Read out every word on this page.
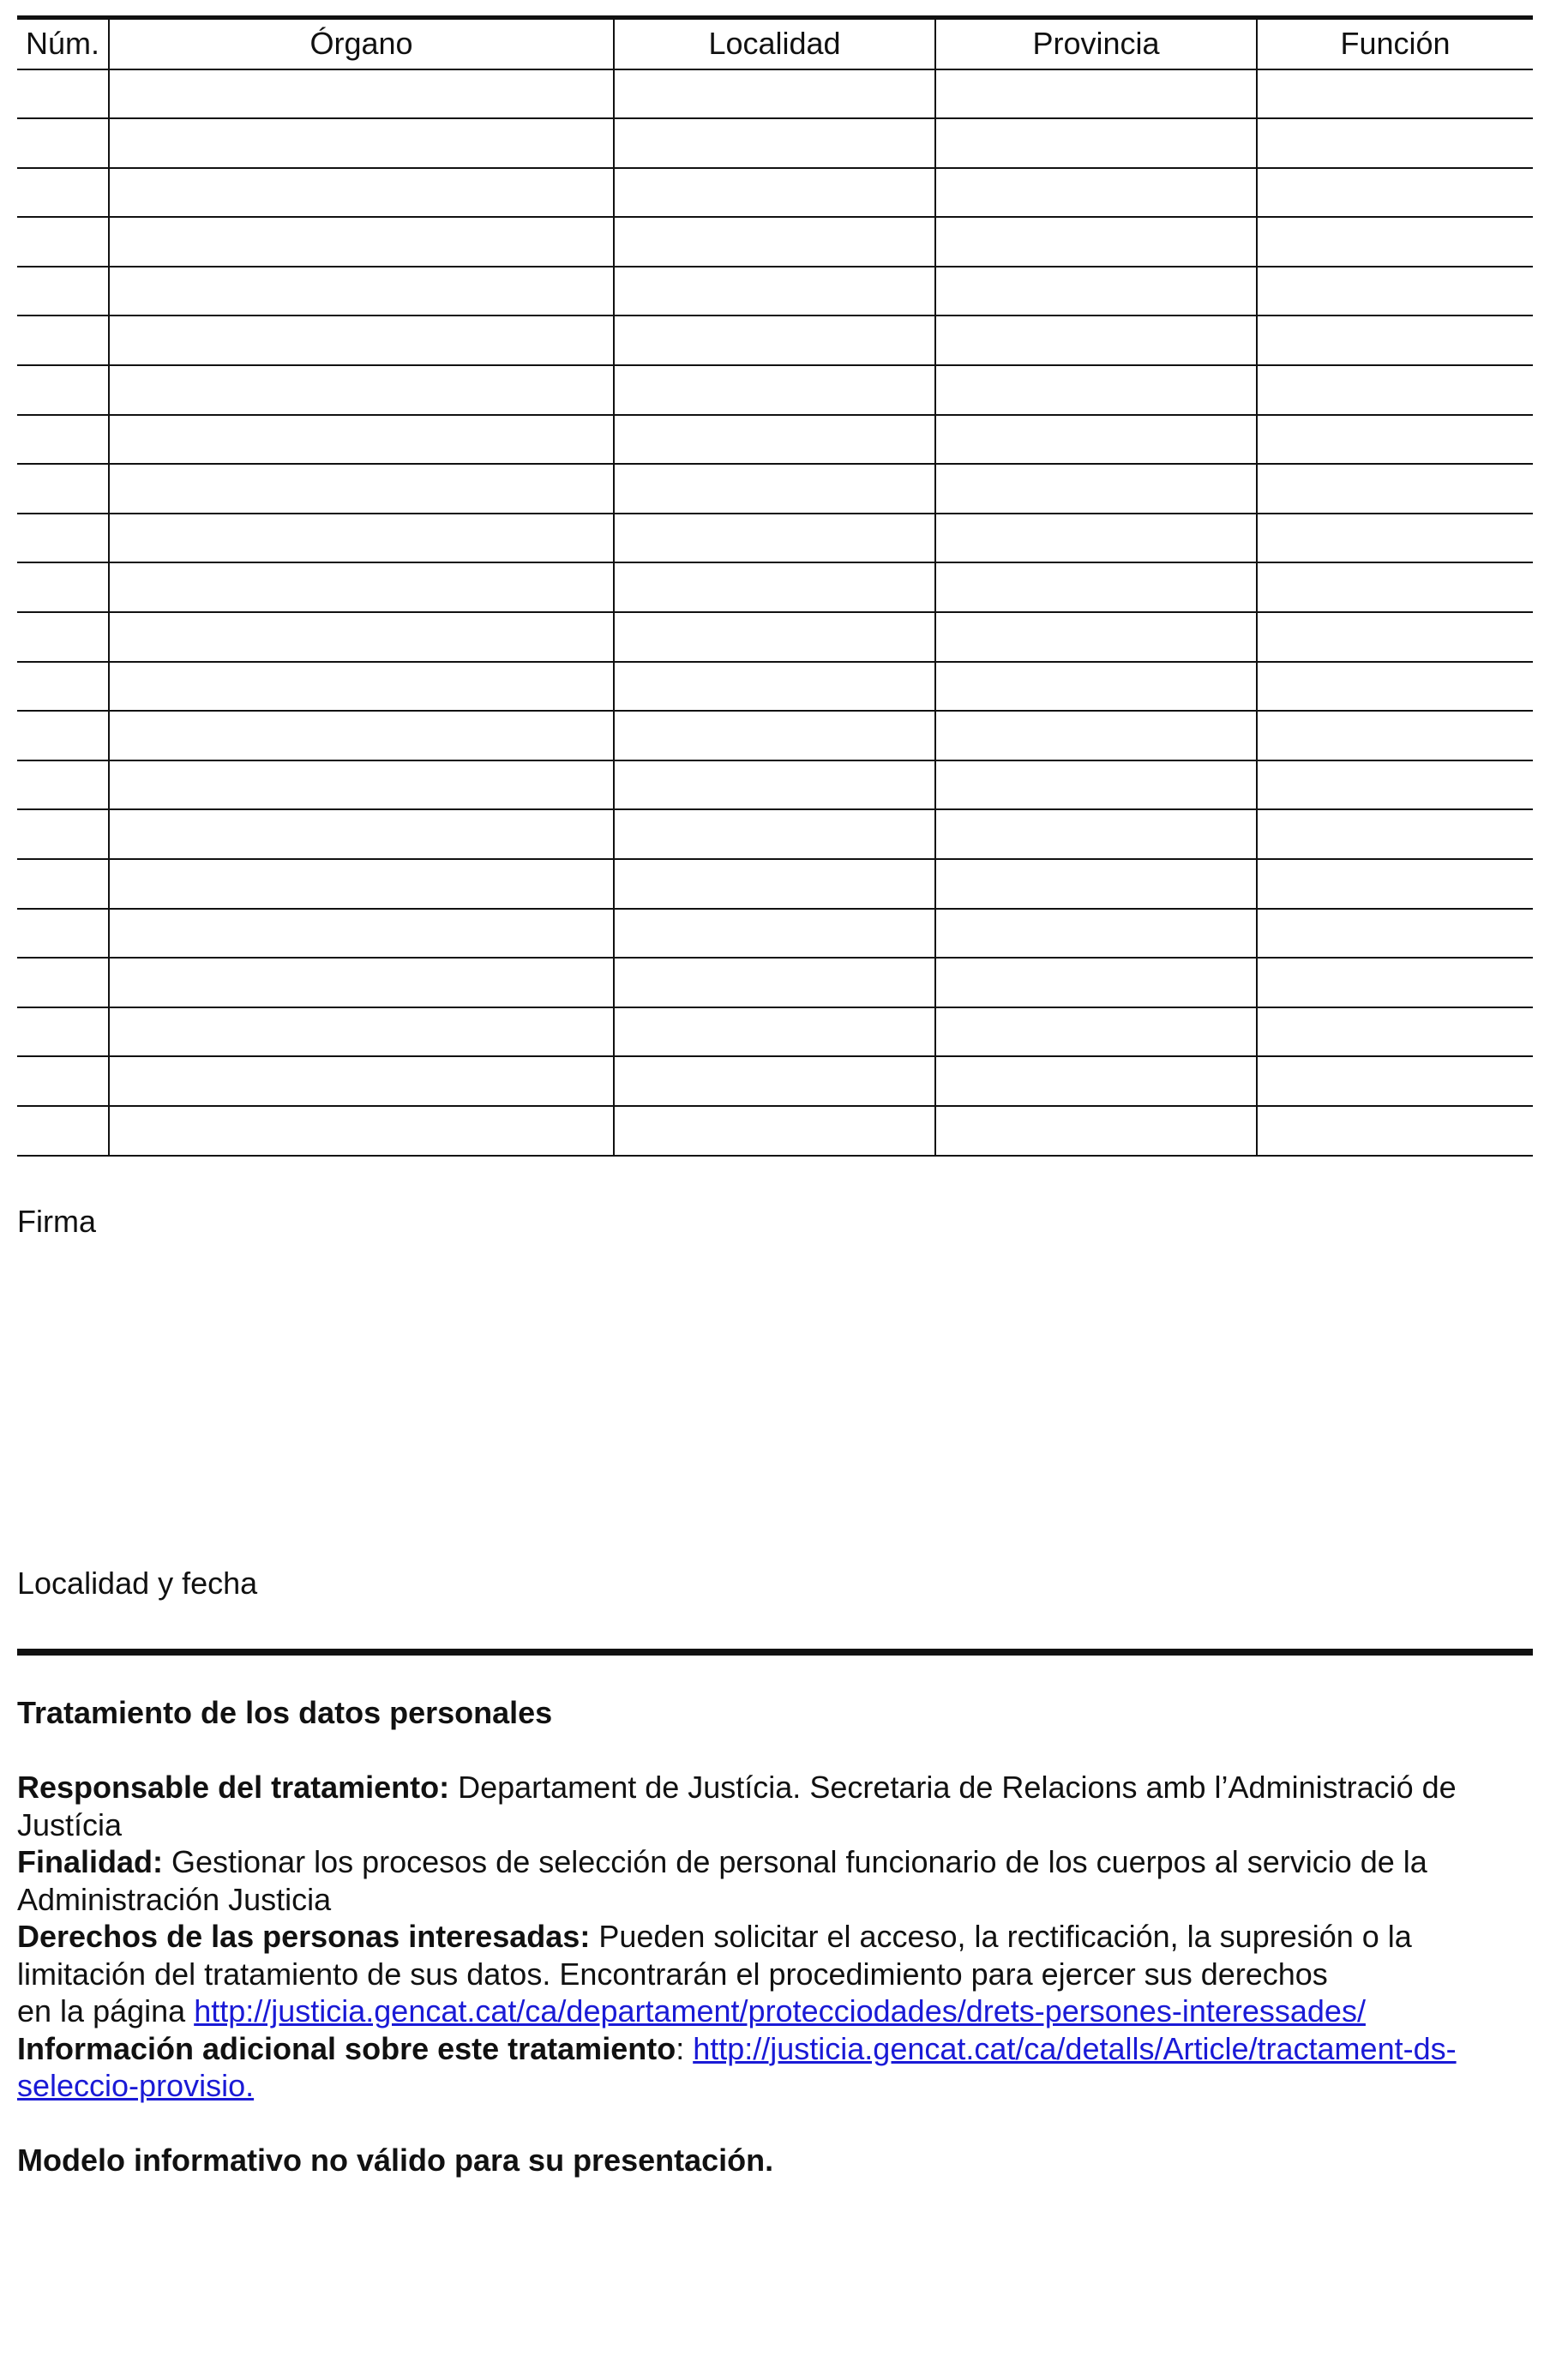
Núm.	Órgano	Localidad	Provincia	Función

Firma
Localidad y fecha

Tratamiento de los datos personales

Responsable del tratamiento: Departament de Justícia. Secretaria de Relacions amb l’Administració de Justícia

Finalidad: Gestionar los procesos de selección de personal funcionario de los cuerpos al servicio de la Administración Justicia

Derechos de las personas interesadas: Pueden solicitar el acceso, la rectificación, la supresión o la limitación del tratamiento de sus datos. Encontrarán el procedimiento para ejercer sus derechos
en la página http://justicia.gencat.cat/ca/departament/protecciodades/drets-persones-interessades/

Información adicional sobre este tratamiento: http://justicia.gencat.cat/ca/detalls/Article/tractament-ds-seleccio-provisio.

Modelo informativo no válido para su presentación.
